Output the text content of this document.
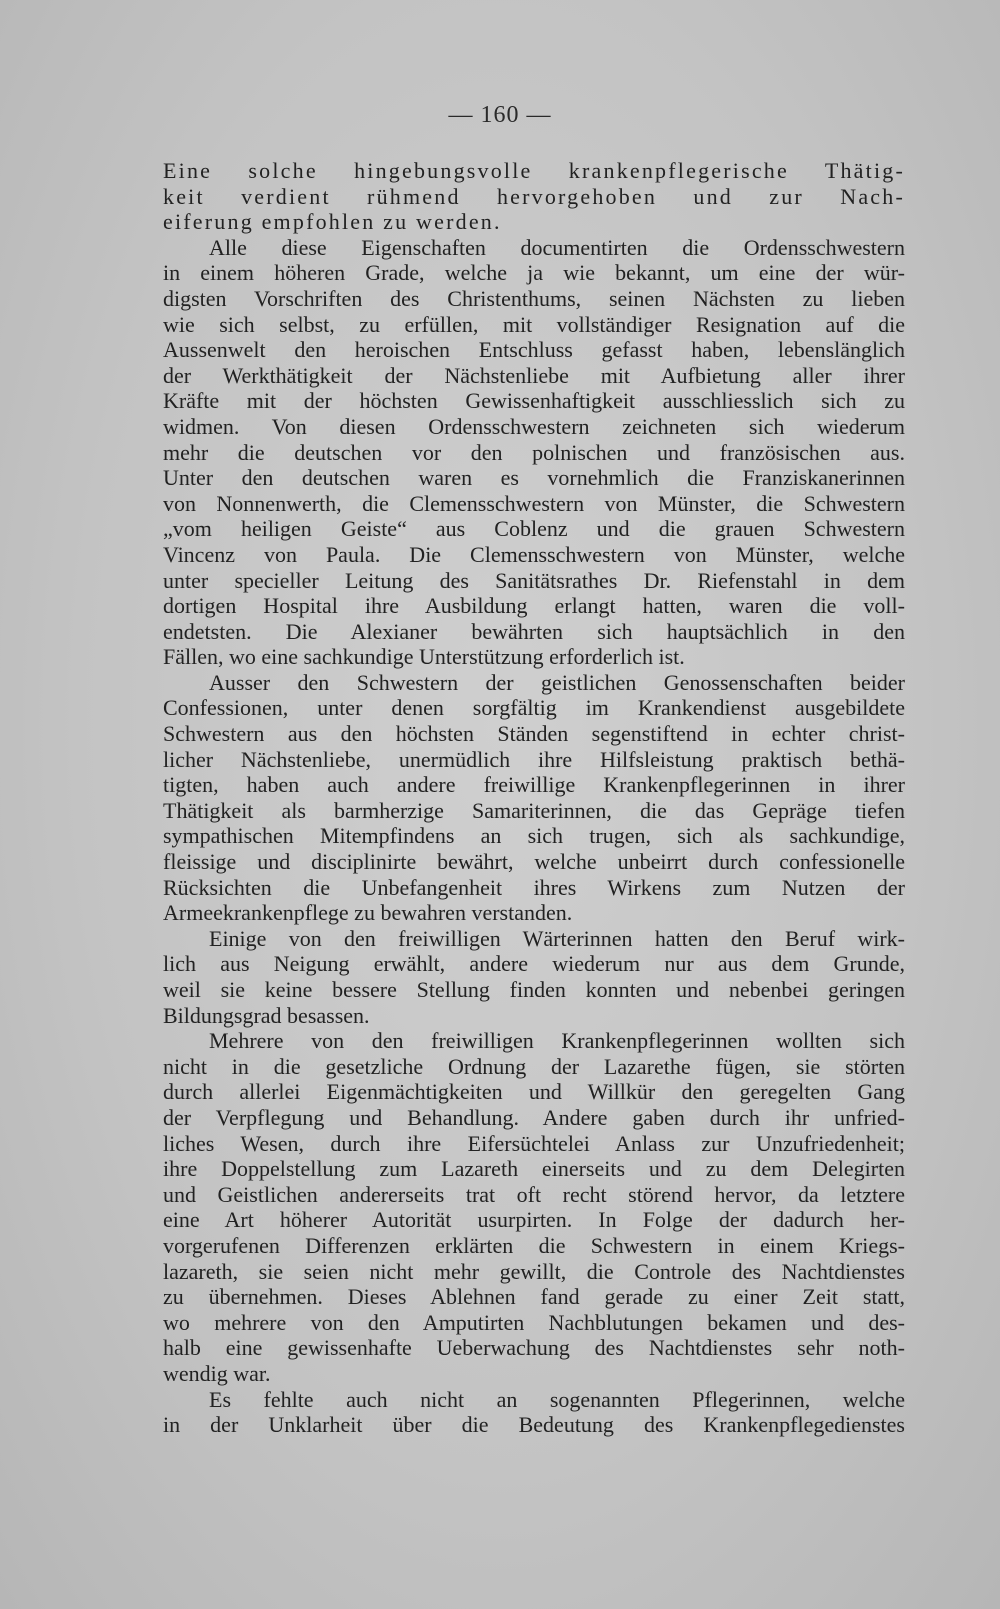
— 160 —
Eine solche hingebungsvolle krankenpflegerische Thätig-
keit verdient rühmend hervorgehoben und zur Nach-
eiferung empfohlen zu werden.
Alle diese Eigenschaften documentirten die Ordensschwestern
in einem höheren Grade, welche ja wie bekannt, um eine der wür-
digsten Vorschriften des Christenthums, seinen Nächsten zu lieben
wie sich selbst, zu erfüllen, mit vollständiger Resignation auf die
Aussenwelt den heroischen Entschluss gefasst haben, lebenslänglich
der Werkthätigkeit der Nächstenliebe mit Aufbietung aller ihrer
Kräfte mit der höchsten Gewissenhaftigkeit ausschliesslich sich zu
widmen. Von diesen Ordensschwestern zeichneten sich wiederum
mehr die deutschen vor den polnischen und französischen aus.
Unter den deutschen waren es vornehmlich die Franziskanerinnen
von Nonnenwerth, die Clemensschwestern von Münster, die Schwestern
„vom heiligen Geiste“ aus Coblenz und die grauen Schwestern
Vincenz von Paula. Die Clemensschwestern von Münster, welche
unter specieller Leitung des Sanitätsrathes Dr. Riefenstahl in dem
dortigen Hospital ihre Ausbildung erlangt hatten, waren die voll-
endetsten. Die Alexianer bewährten sich hauptsächlich in den
Fällen, wo eine sachkundige Unterstützung erforderlich ist.
Ausser den Schwestern der geistlichen Genossenschaften beider
Confessionen, unter denen sorgfältig im Krankendienst ausgebildete
Schwestern aus den höchsten Ständen segenstiftend in echter christ-
licher Nächstenliebe, unermüdlich ihre Hilfsleistung praktisch bethä-
tigten, haben auch andere freiwillige Krankenpflegerinnen in ihrer
Thätigkeit als barmherzige Samariterinnen, die das Gepräge tiefen
sympathischen Mitempfindens an sich trugen, sich als sachkundige,
fleissige und disciplinirte bewährt, welche unbeirrt durch confessionelle
Rücksichten die Unbefangenheit ihres Wirkens zum Nutzen der
Armeekrankenpflege zu bewahren verstanden.
Einige von den freiwilligen Wärterinnen hatten den Beruf wirk-
lich aus Neigung erwählt, andere wiederum nur aus dem Grunde,
weil sie keine bessere Stellung finden konnten und nebenbei geringen
Bildungsgrad besassen.
Mehrere von den freiwilligen Krankenpflegerinnen wollten sich
nicht in die gesetzliche Ordnung der Lazarethe fügen, sie störten
durch allerlei Eigenmächtigkeiten und Willkür den geregelten Gang
der Verpflegung und Behandlung. Andere gaben durch ihr unfried-
liches Wesen, durch ihre Eifersüchtelei Anlass zur Unzufriedenheit;
ihre Doppelstellung zum Lazareth einerseits und zu dem Delegirten
und Geistlichen andererseits trat oft recht störend hervor, da letztere
eine Art höherer Autorität usurpirten. In Folge der dadurch her-
vorgerufenen Differenzen erklärten die Schwestern in einem Kriegs-
lazareth, sie seien nicht mehr gewillt, die Controle des Nachtdienstes
zu übernehmen. Dieses Ablehnen fand gerade zu einer Zeit statt,
wo mehrere von den Amputirten Nachblutungen bekamen und des-
halb eine gewissenhafte Ueberwachung des Nachtdienstes sehr noth-
wendig war.
Es fehlte auch nicht an sogenannten Pflegerinnen, welche
in der Unklarheit über die Bedeutung des Krankenpflegedienstes
